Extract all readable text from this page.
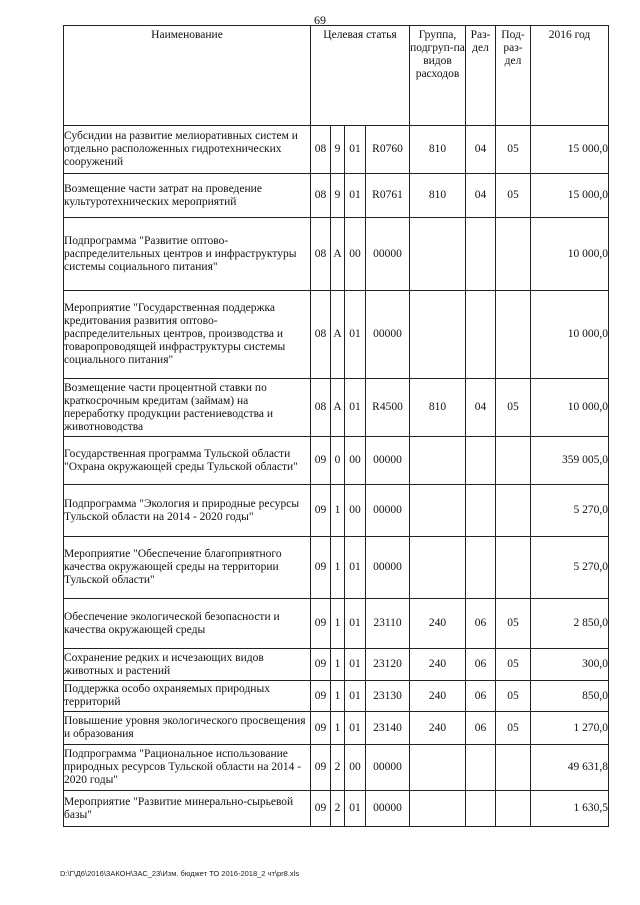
69
Наименование	Целевая статья				Группа, подгруп-па видов расходов	Раз-дел	Под-раз-дел	2016 год
Субсидии на развитие мелиоративных систем и отдельно расположенных гидротехнических сооружений	08	9	01	R0760	810	04	05	15 000,0
Возмещение части затрат на проведение культуротехнических мероприятий	08	9	01	R0761	810	04	05	15 000,0
Подпрограмма "Развитие оптово-распределительных центров и инфраструктуры системы социального питания"	08	А	00	00000				10 000,0
Мероприятие "Государственная поддержка кредитования развития оптово-распределительных центров, производства и товаропроводящей инфраструктуры системы социального питания"	08	А	01	00000				10 000,0
Возмещение части процентной ставки по краткосрочным кредитам (займам) на переработку продукции растениеводства и животноводства	08	А	01	R4500	810	04	05	10 000,0
Государственная программа Тульской области "Охрана окружающей среды Тульской области"	09	0	00	00000				359 005,0
Подпрограмма "Экология и природные ресурсы Тульской области на 2014 - 2020 годы"	09	1	00	00000				5 270,0
Мероприятие "Обеспечение благоприятного качества окружающей среды на территории Тульской области"	09	1	01	00000				5 270,0
Обеспечение экологической безопасности и качества окружающей среды	09	1	01	23110	240	06	05	2 850,0
Сохранение редких и исчезающих видов животных и растений	09	1	01	23120	240	06	05	300,0
Поддержка особо охраняемых природных территорий	09	1	01	23130	240	06	05	850,0
Повышение уровня экологического просвещения и образования	09	1	01	23140	240	06	05	1 270,0
Подпрограмма "Рациональное использование природных ресурсов Тульской области на 2014 - 2020 годы"	09	2	00	00000				49 631,8
Мероприятие "Развитие минерально-сырьевой базы"	09	2	01	00000				1 630,5
D:\Г\Д6\2016\ЗАКОН\ЗАС_23\Изм. бюджет ТО 2016-2018_2 чт\pr8.xls
